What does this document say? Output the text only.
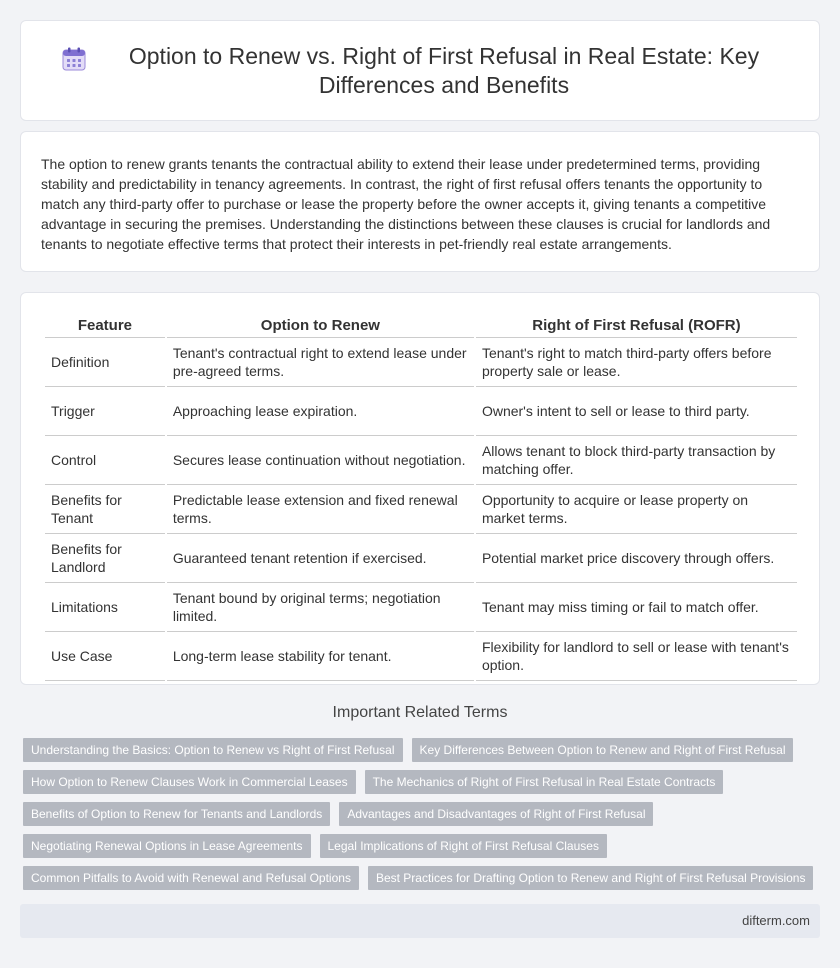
Option to Renew vs. Right of First Refusal in Real Estate: Key Differences and Benefits

The option to renew grants tenants the contractual ability to extend their lease under predetermined terms, providing stability and predictability in tenancy agreements. In contrast, the right of first refusal offers tenants the opportunity to match any third-party offer to purchase or lease the property before the owner accepts it, giving tenants a competitive advantage in securing the premises. Understanding the distinctions between these clauses is crucial for landlords and tenants to negotiate effective terms that protect their interests in pet-friendly real estate arrangements.

Feature	Option to Renew	Right of First Refusal (ROFR)
Definition	Tenant's contractual right to extend lease under pre-agreed terms.	Tenant's right to match third-party offers before property sale or lease.
Trigger	Approaching lease expiration.	Owner's intent to sell or lease to third party.
Control	Secures lease continuation without negotiation.	Allows tenant to block third-party transaction by matching offer.
Benefits for Tenant	Predictable lease extension and fixed renewal terms.	Opportunity to acquire or lease property on market terms.
Benefits for Landlord	Guaranteed tenant retention if exercised.	Potential market price discovery through offers.
Limitations	Tenant bound by original terms; negotiation limited.	Tenant may miss timing or fail to match offer.
Use Case	Long-term lease stability for tenant.	Flexibility for landlord to sell or lease with tenant's option.
Important Related Terms
Understanding the Basics: Option to Renew vs Right of First Refusal	Key Differences Between Option to Renew and Right of First Refusal
How Option to Renew Clauses Work in Commercial Leases	The Mechanics of Right of First Refusal in Real Estate Contracts
Benefits of Option to Renew for Tenants and Landlords	Advantages and Disadvantages of Right of First Refusal
Negotiating Renewal Options in Lease Agreements	Legal Implications of Right of First Refusal Clauses
Common Pitfalls to Avoid with Renewal and Refusal Options	Best Practices for Drafting Option to Renew and Right of First Refusal Provisions
difterm.com
